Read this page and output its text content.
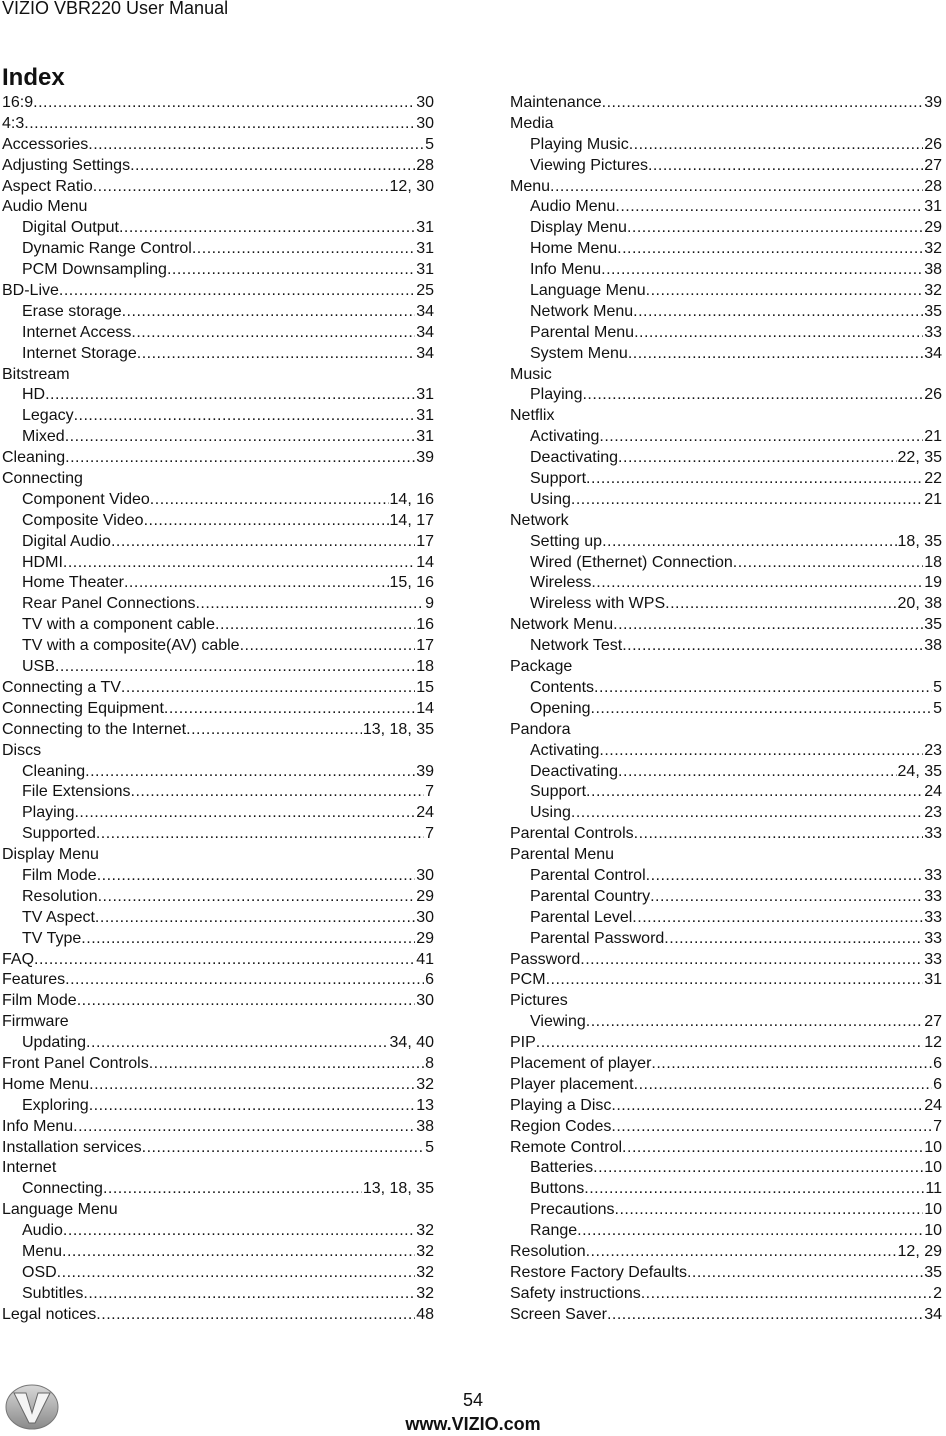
VIZIO VBR220 User Manual
Index
16:9 .....	30
4:3 .....	30
Accessories .....	5
Adjusting Settings .....	28
Aspect Ratio .....	12, 30
Audio Menu
Digital Output .....	31
Dynamic Range Control .....	31
PCM Downsampling .....	31
BD-Live .....	25
Erase storage .....	34
Internet Access .....	34
Internet Storage .....	34
Bitstream
HD .....	31
Legacy .....	31
Mixed .....	31
Cleaning .....	39
Connecting
Component Video .....	14, 16
Composite Video .....	14, 17
Digital Audio .....	17
HDMI .....	14
Home Theater .....	15, 16
Rear Panel Connections .....	9
TV with a component cable .....	16
TV with a composite(AV) cable .....	17
USB .....	18
Connecting a TV .....	15
Connecting Equipment .....	14
Connecting to the Internet .....	13, 18, 35
Discs
Cleaning .....	39
File Extensions .....	7
Playing .....	24
Supported .....	7
Display Menu
Film Mode .....	30
Resolution .....	29
TV Aspect .....	30
TV Type .....	29
FAQ .....	41
Features .....	6
Film Mode .....	30
Firmware
Updating .....	34, 40
Front Panel Controls .....	8
Home Menu .....	32
Exploring .....	13
Info Menu .....	38
Installation services .....	5
Internet
Connecting .....	13, 18, 35
Language Menu
Audio .....	32
Menu .....	32
OSD .....	32
Subtitles .....	32
Legal notices .....	48
Maintenance .....	39
Media
Playing Music .....	26
Viewing Pictures .....	27
Menu .....	28
Audio Menu .....	31
Display Menu .....	29
Home Menu .....	32
Info Menu .....	38
Language Menu .....	32
Network Menu .....	35
Parental Menu .....	33
System Menu .....	34
Music
Playing .....	26
Netflix
Activating .....	21
Deactivating .....	22, 35
Support .....	22
Using .....	21
Network
Setting up .....	18, 35
Wired (Ethernet) Connection .....	18
Wireless .....	19
Wireless with WPS .....	20, 38
Network Menu .....	35
Network Test .....	38
Package
Contents .....	5
Opening .....	5
Pandora
Activating .....	23
Deactivating .....	24, 35
Support .....	24
Using .....	23
Parental Controls .....	33
Parental Menu
Parental Control .....	33
Parental Country .....	33
Parental Level .....	33
Parental Password .....	33
Password .....	33
PCM .....	31
Pictures
Viewing .....	27
PIP .....	12
Placement of player .....	6
Player placement .....	6
Playing a Disc .....	24
Region Codes .....	7
Remote Control .....	10
Batteries .....	10
Buttons .....	11
Precautions .....	10
Range .....	10
Resolution .....	12, 29
Restore Factory Defaults .....	35
Safety instructions .....	2
Screen Saver .....	34
54
www.VIZIO.com
